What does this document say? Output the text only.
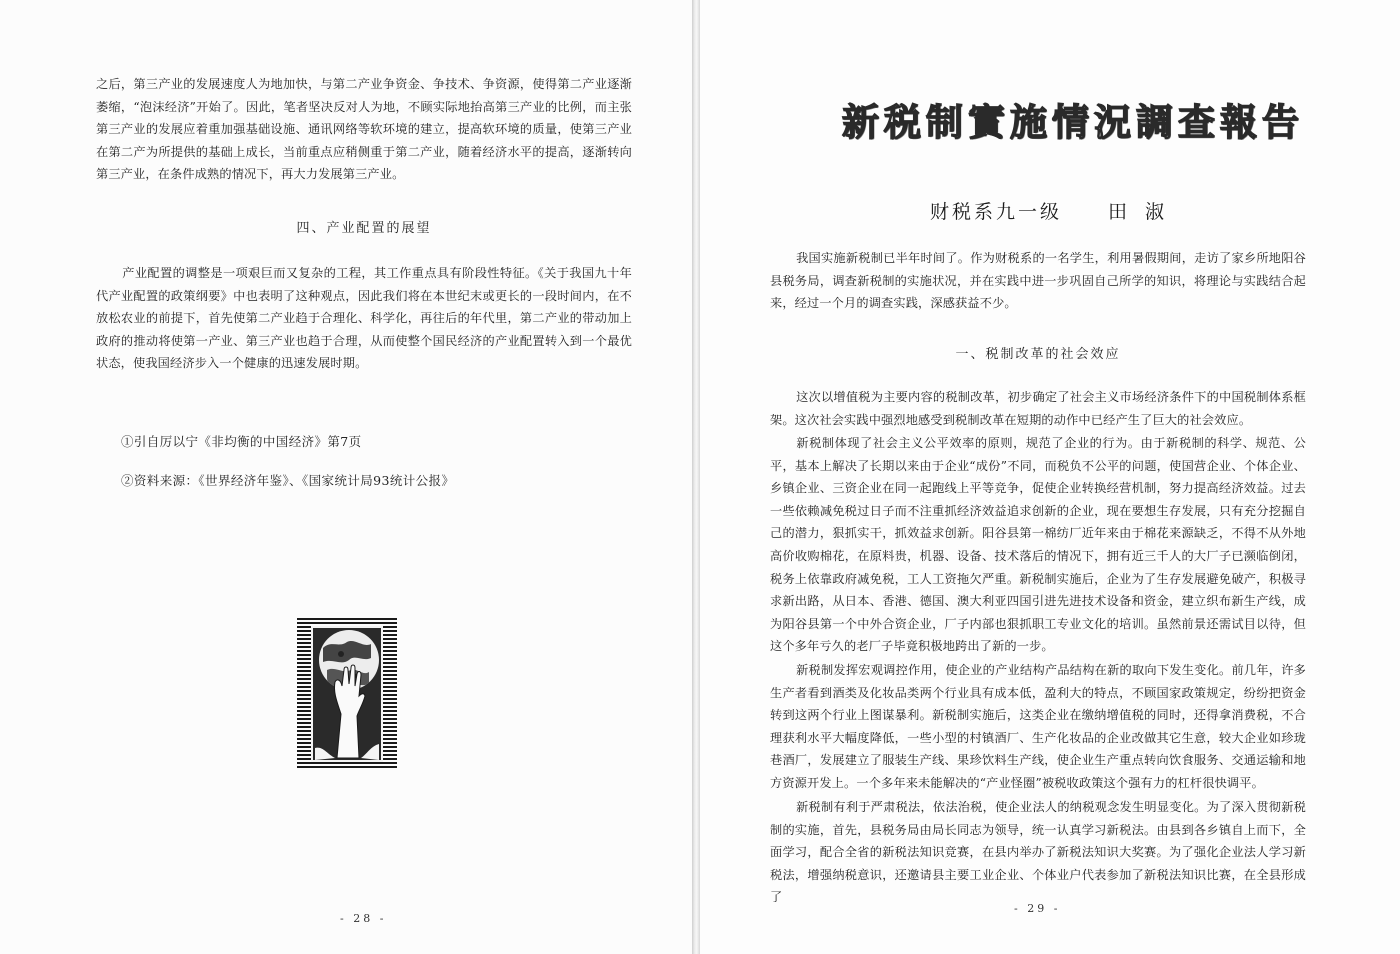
之后，第三产业的发展速度人为地加快，与第二产业争资金、争技术、争资源，使得第二产业逐渐萎缩，“泡沫经济”开始了。因此，笔者坚决反对人为地，不顾实际地抬高第三产业的比例，而主张第三产业的发展应着重加强基础设施、通讯网络等软环境的建立，提高软环境的质量，使第三产业在第二产为所提供的基础上成长，当前重点应稍侧重于第二产业，随着经济水平的提高，逐渐转向第三产业，在条件成熟的情况下，再大力发展第三产业。
四、产业配置的展望
产业配置的调整是一项艰巨而又复杂的工程，其工作重点具有阶段性特征。《关于我国九十年代产业配置的政策纲要》中也表明了这种观点，因此我们将在本世纪末或更长的一段时间内，在不放松农业的前提下，首先使第二产业趋于合理化、科学化，再往后的年代里，第二产业的带动加上政府的推动将使第一产业、第三产业也趋于合理，从而使整个国民经济的产业配置转入到一个最优状态，使我国经济步入一个健康的迅速发展时期。
①引自厉以宁《非均衡的中国经济》第7页
②资料来源：《世界经济年鉴》、《国家统计局93统计公报》
- 28 -
- 29 -
新税制實施情況調查報告
财税系九一级 田淑
我国实施新税制已半年时间了。作为财税系的一名学生，利用暑假期间，走访了家乡所地阳谷县税务局，调查新税制的实施状况，并在实践中进一步巩固自己所学的知识，将理论与实践结合起来，经过一个月的调查实践，深感获益不少。
一、税制改革的社会效应
这次以增值税为主要内容的税制改革，初步确定了社会主义市场经济条件下的中国税制体系框架。这次社会实践中强烈地感受到税制改革在短期的动作中已经产生了巨大的社会效应。
新税制体现了社会主义公平效率的原则，规范了企业的行为。由于新税制的科学、规范、公平，基本上解决了长期以来由于企业“成份”不同，而税负不公平的问题，使国营企业、个体企业、乡镇企业、三资企业在同一起跑线上平等竞争，促使企业转换经营机制，努力提高经济效益。过去一些依赖减免税过日子而不注重抓经济效益追求创新的企业，现在要想生存发展，只有充分挖掘自己的潜力，狠抓实干，抓效益求创新。阳谷县第一棉纺厂近年来由于棉花来源缺乏，不得不从外地高价收购棉花，在原料贵，机器、设备、技术落后的情况下，拥有近三千人的大厂子已濒临倒闭，税务上依靠政府减免税，工人工资拖欠严重。新税制实施后，企业为了生存发展避免破产，积极寻求新出路，从日本、香港、德国、澳大利亚四国引进先进技术设备和资金，建立织布新生产线，成为阳谷县第一个中外合资企业，厂子内部也狠抓职工专业文化的培训。虽然前景还需试目以待，但这个多年亏久的老厂子毕竟积极地跨出了新的一步。
新税制发挥宏观调控作用，使企业的产业结构产品结构在新的取向下发生变化。前几年，许多生产者看到酒类及化妆品类两个行业具有成本低，盈利大的特点，不顾国家政策规定，纷纷把资金转到这两个行业上图谋暴利。新税制实施后，这类企业在缴纳增值税的同时，还得拿消费税，不合理获利水平大幅度降低，一些小型的村镇酒厂、生产化妆品的企业改做其它生意，较大企业如珍珑巷酒厂，发展建立了服装生产线、果珍饮料生产线，使企业生产重点转向饮食服务、交通运输和地方资源开发上。一个多年来未能解决的“产业怪圈”被税收政策这个强有力的杠杆很快调平。
新税制有利于严肃税法，依法治税，使企业法人的纳税观念发生明显变化。为了深入贯彻新税制的实施，首先，县税务局由局长同志为领导，统一认真学习新税法。由县到各乡镇自上而下，全面学习，配合全省的新税法知识竞赛，在县内举办了新税法知识大奖赛。为了强化企业法人学习新税法，增强纳税意识，还邀请县主要工业企业、个体业户代表参加了新税法知识比赛，在全县形成了
